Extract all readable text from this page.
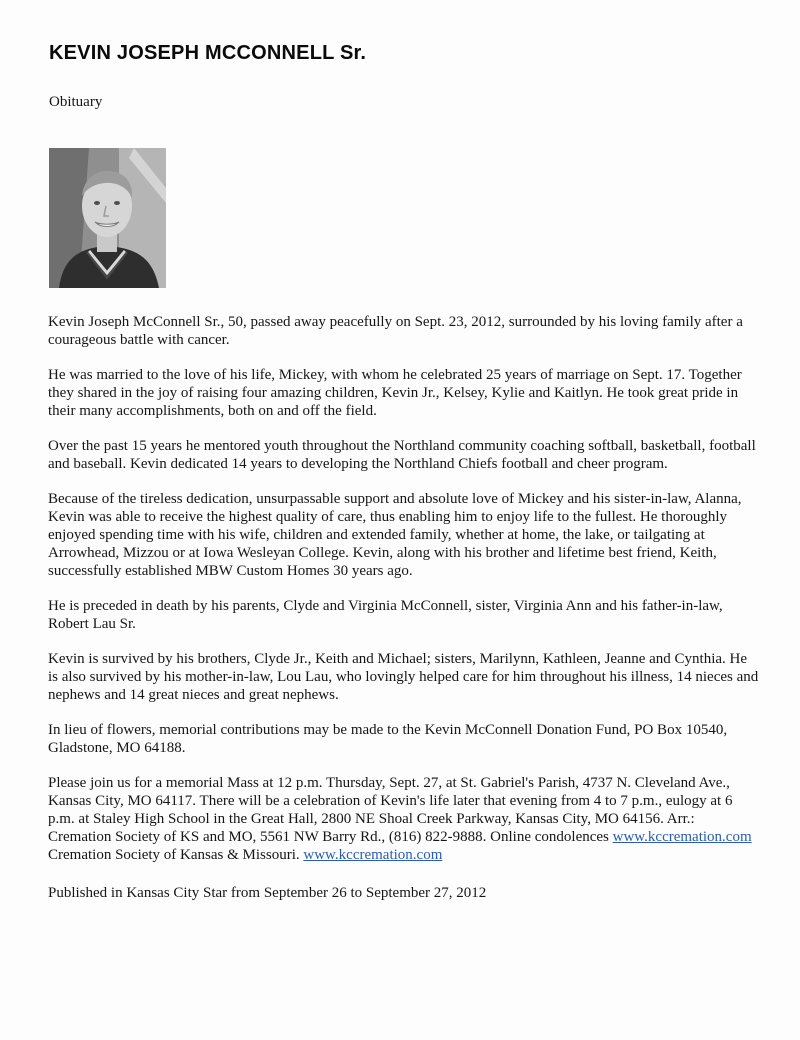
KEVIN JOSEPH MCCONNELL Sr.
Obituary

Kevin Joseph McConnell Sr., 50, passed away peacefully on Sept. 23, 2012, surrounded by his loving family after a courageous battle with cancer.

He was married to the love of his life, Mickey, with whom he celebrated 25 years of marriage on Sept. 17. Together they shared in the joy of raising four amazing children, Kevin Jr., Kelsey, Kylie and Kaitlyn. He took great pride in their many accomplishments, both on and off the field.

Over the past 15 years he mentored youth throughout the Northland community coaching softball, basketball, football and baseball. Kevin dedicated 14 years to developing the Northland Chiefs football and cheer program.

Because of the tireless dedication, unsurpassable support and absolute love of Mickey and his sister-in-law, Alanna, Kevin was able to receive the highest quality of care, thus enabling him to enjoy life to the fullest. He thoroughly enjoyed spending time with his wife, children and extended family, whether at home, the lake, or tailgating at Arrowhead, Mizzou or at Iowa Wesleyan College. Kevin, along with his brother and lifetime best friend, Keith, successfully established MBW Custom Homes 30 years ago.

He is preceded in death by his parents, Clyde and Virginia McConnell, sister, Virginia Ann and his father-in-law, Robert Lau Sr.

Kevin is survived by his brothers, Clyde Jr., Keith and Michael; sisters, Marilynn, Kathleen, Jeanne and Cynthia. He is also survived by his mother-in-law, Lou Lau, who lovingly helped care for him throughout his illness, 14 nieces and nephews and 14 great nieces and great nephews.

In lieu of flowers, memorial contributions may be made to the Kevin McConnell Donation Fund, PO Box 10540, Gladstone, MO 64188.

Please join us for a memorial Mass at 12 p.m. Thursday, Sept. 27, at St. Gabriel's Parish, 4737 N. Cleveland Ave., Kansas City, MO 64117. There will be a celebration of Kevin's life later that evening from 4 to 7 p.m., eulogy at 6 p.m. at Staley High School in the Great Hall, 2800 NE Shoal Creek Parkway, Kansas City, MO 64156. Arr.: Cremation Society of KS and MO, 5561 NW Barry Rd., (816) 822-9888. Online condolences www.kccremation.com Cremation Society of Kansas & Missouri. www.kccremation.com

Published in Kansas City Star from September 26 to September 27, 2012
